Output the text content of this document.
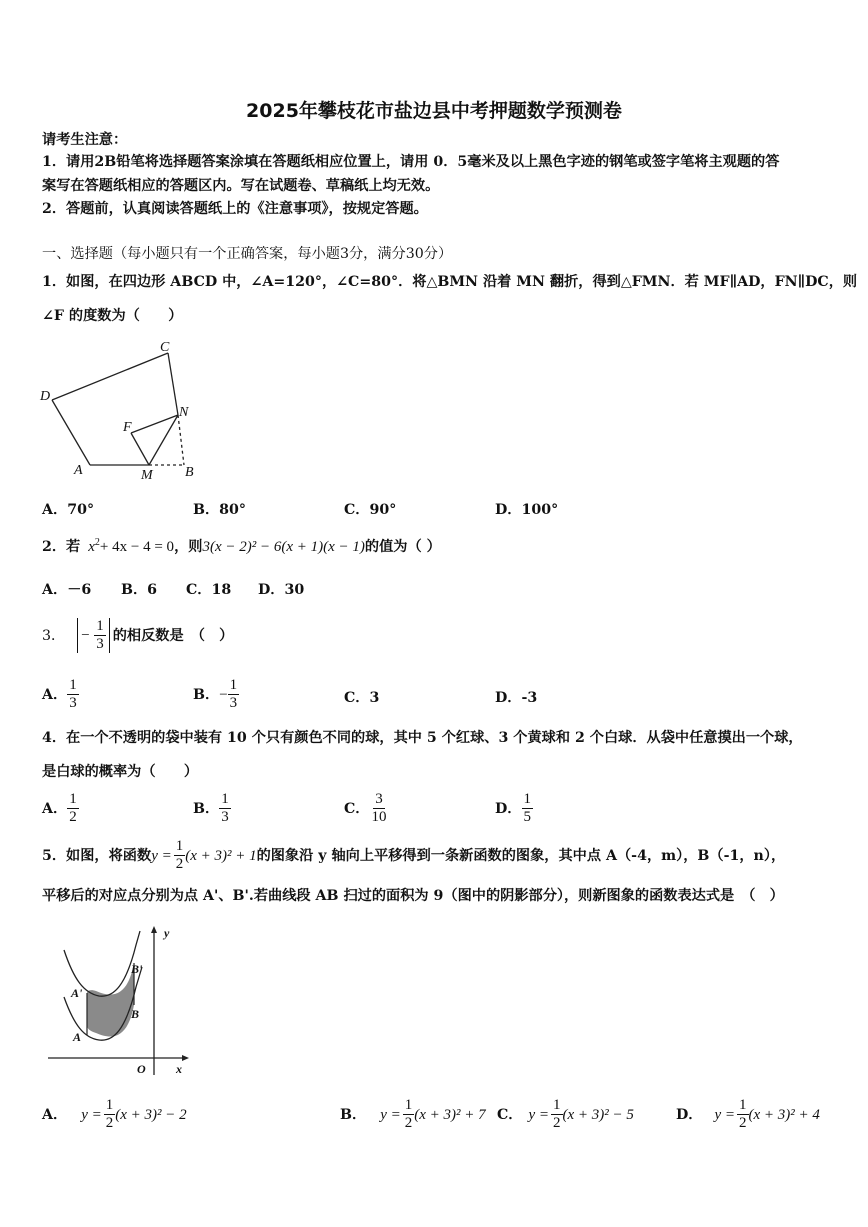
2025年攀枝花市盐边县中考押题数学预测卷
请考生注意：
1．请用2B铅笔将选择题答案涂填在答题纸相应位置上，请用 0．5毫米及以上黑色字迹的钢笔或签字笔将主观题的答
案写在答题纸相应的答题区内。写在试题卷、草稿纸上均无效。
2．答题前，认真阅读答题纸上的《注意事项》，按规定答题。
一、选择题（每小题只有一个正确答案，每小题3分，满分30分）
1．如图，在四边形 ABCD 中，∠A=120°，∠C=80°．将△BMN 沿着 MN 翻折，得到△FMN．若 MF∥AD，FN∥DC，则
∠F 的度数为（　　）
C
D
N
F
A	M B
A．70°	B．80°	C．90°	D．100°
2．若 $x^2 + 4x - 4 = 0$ ，则 3(x − 2)² − 6(x + 1)(x − 1) 的值为（ ）
A．－6 B．6 C．18 D．30
3． − $\frac{1}{3}$ 的相反数是　（　）
A． $\frac{1}{3}$	B． − $\frac{1}{3}$	C．3	D．-3
4．在一个不透明的袋中装有 10 个只有颜色不同的球，其中 5 个红球、3 个黄球和 2 个白球．从袋中任意摸出一个球，
是白球的概率为（　　）
A． $\frac{1}{2}$	B． $\frac{1}{3}$	C． $\frac{3}{10}$	D． $\frac{1}{5}$
5．如图，将函数 $y = \frac{1}{2} (x + 3)^2 + 1$ 的图象沿 y 轴向上平移得到一条新函数的图象，其中点 A（-4，m），B（-1，n），
平移后的对应点分别为点 A'、B'.若曲线段 AB 扫过的面积为 9（图中的阴影部分），则新图象的函数表达式是　（　）
y
x
O
B'
B
A'
A
A． $y = \frac{1}{2} (x + 3)^2 - 2$	B． $y = \frac{1}{2} (x + 3)^2 + 7$ C． $y = \frac{1}{2} (x + 3)^2 - 5$	D． $y = \frac{1}{2} (x + 3)^2 + 4$
